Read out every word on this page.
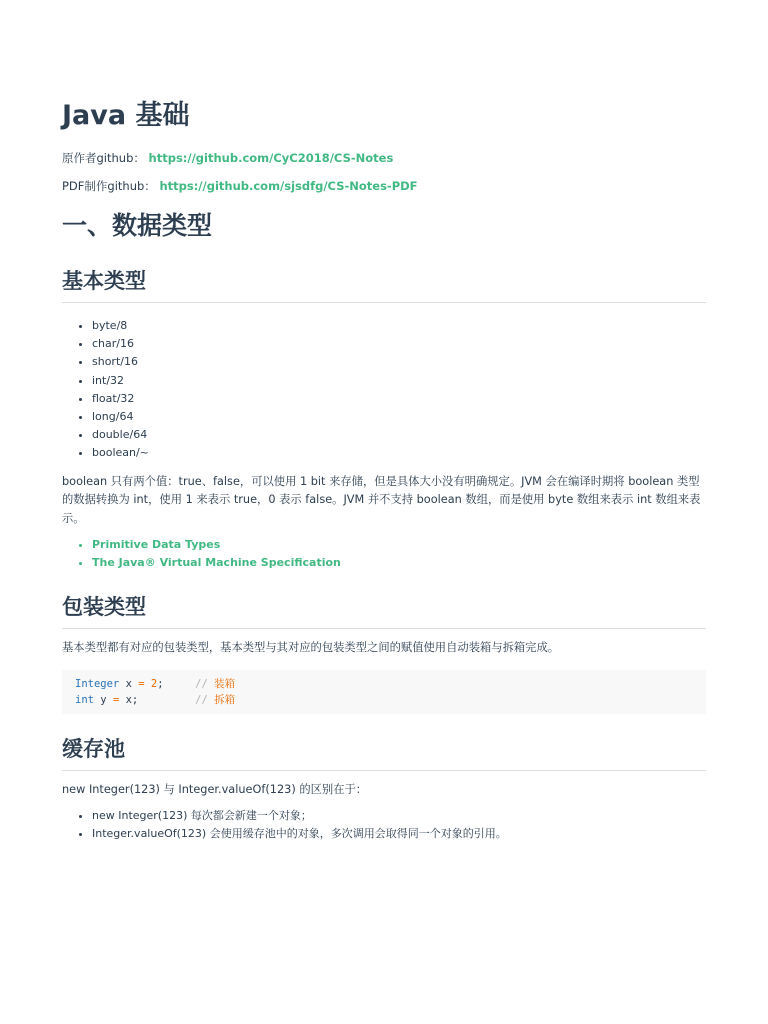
Java 基础

原作者github： https://github.com/CyC2018/CS-Notes

PDF制作github： https://github.com/sjsdfg/CS-Notes-PDF

一、数据类型
基本类型
• byte/8
• char/16
• short/16
• int/32
• float/32
• long/64
• double/64
• boolean/~

boolean 只有两个值：true、false，可以使用 1 bit 来存储，但是具体大小没有明确规定。JVM 会在编译时期将 boolean 类型的数据转换为 int，使用 1 来表示 true，0 表示 false。JVM 并不支持 boolean 数组，而是使用 byte 数组来表示 int 数组来表示。

• Primitive Data Types
• The Java® Virtual Machine Specification
包装类型

基本类型都有对应的包装类型，基本类型与其对应的包装类型之间的赋值使用自动装箱与拆箱完成。

Integer x = 2;     // 装箱
int y = x;         // 拆箱
缓存池

new Integer(123) 与 Integer.valueOf(123) 的区别在于：

• new Integer(123) 每次都会新建一个对象；
• Integer.valueOf(123) 会使用缓存池中的对象，多次调用会取得同一个对象的引用。
